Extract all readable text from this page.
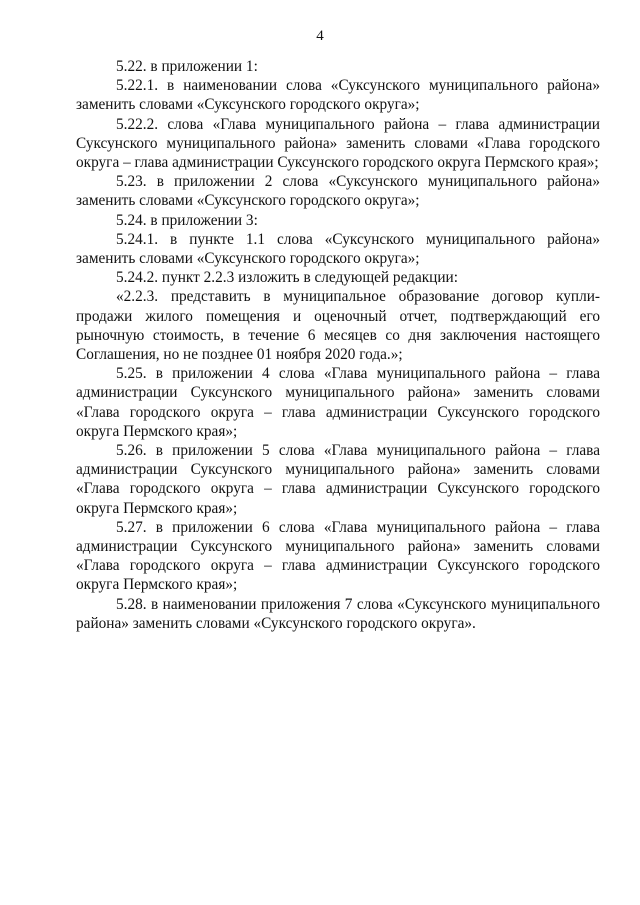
4

5.22. в приложении 1:

5.22.1. в наименовании слова «Суксунского муниципального района» заменить словами «Суксунского городского округа»;

5.22.2. слова «Глава муниципального района – глава администрации Суксунского муниципального района» заменить словами «Глава городского округа – глава администрации Суксунского городского округа Пермского края»;

5.23. в приложении 2 слова «Суксунского муниципального района» заменить словами «Суксунского городского округа»;

5.24. в приложении 3:

5.24.1. в пункте 1.1 слова «Суксунского муниципального района» заменить словами «Суксунского городского округа»;

5.24.2. пункт 2.2.3 изложить в следующей редакции:

«2.2.3. представить в муниципальное образование договор купли-продажи жилого помещения и оценочный отчет, подтверждающий его рыночную стоимость, в течение 6 месяцев со дня заключения настоящего Соглашения, но не позднее 01 ноября 2020 года.»;

5.25. в приложении 4 слова «Глава муниципального района – глава администрации Суксунского муниципального района» заменить словами «Глава городского округа – глава администрации Суксунского городского округа Пермского края»;

5.26. в приложении 5 слова «Глава муниципального района – глава администрации Суксунского муниципального района» заменить словами «Глава городского округа – глава администрации Суксунского городского округа Пермского края»;

5.27. в приложении 6 слова «Глава муниципального района – глава администрации Суксунского муниципального района» заменить словами «Глава городского округа – глава администрации Суксунского городского округа Пермского края»;

5.28. в наименовании приложения 7 слова «Суксунского муниципального района» заменить словами «Суксунского городского округа».
